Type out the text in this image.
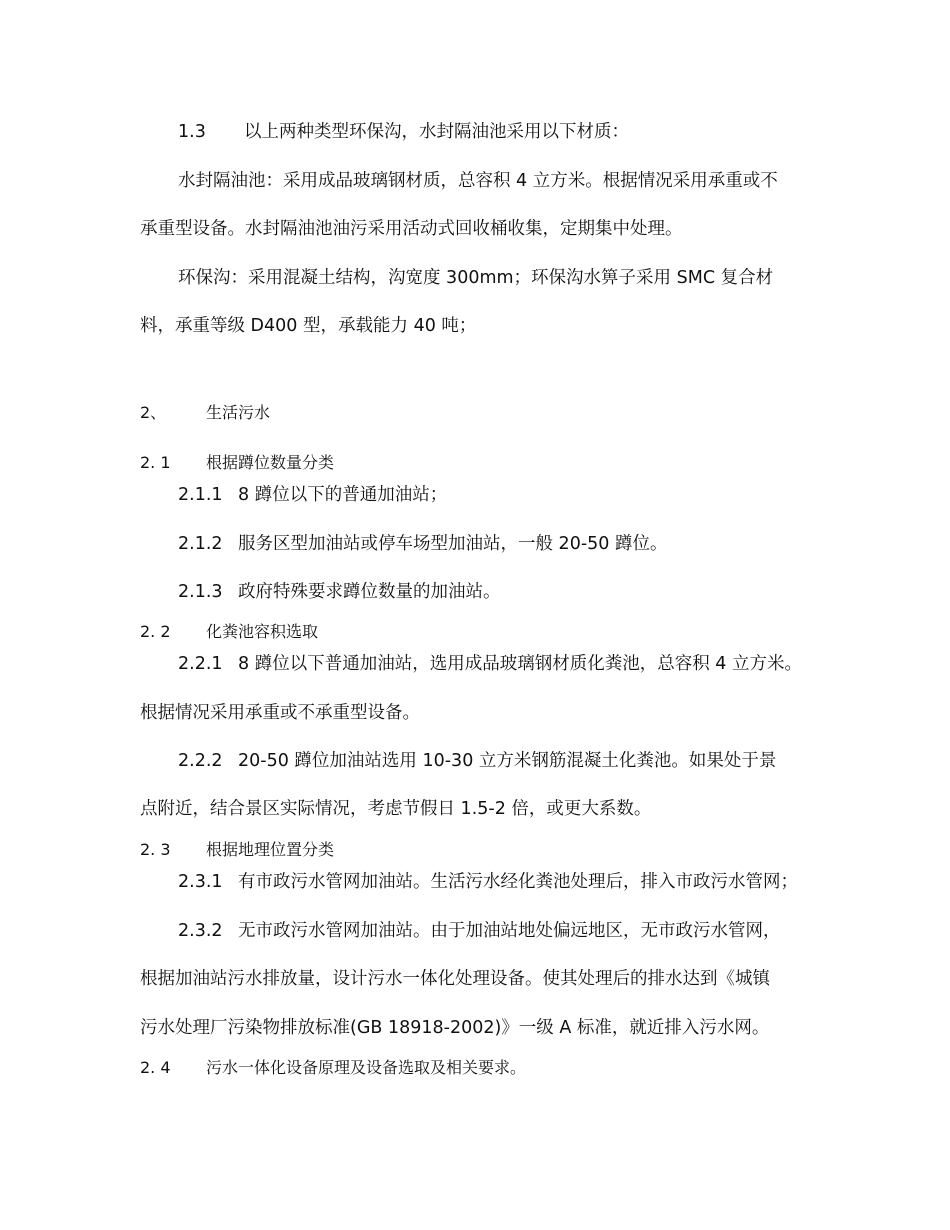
1.3 以上两种类型环保沟，水封隔油池采用以下材质：
水封隔油池：采用成品玻璃钢材质，总容积 4 立方米。根据情况采用承重或不
承重型设备。水封隔油池油污采用活动式回收桶收集，定期集中处理。
环保沟：采用混凝土结构，沟宽度 300mm；环保沟水箅子采用 SMC 复合材
料，承重等级 D400 型，承载能力 40 吨；
2、 生活污水
2. 1 根据蹲位数量分类
2.1.1 8 蹲位以下的普通加油站；
2.1.2 服务区型加油站或停车场型加油站，一般 20-50 蹲位。
2.1.3 政府特殊要求蹲位数量的加油站。
2. 2 化粪池容积选取
2.2.1 8 蹲位以下普通加油站，选用成品玻璃钢材质化粪池，总容积 4 立方米。
根据情况采用承重或不承重型设备。
2.2.2 20-50 蹲位加油站选用 10-30 立方米钢筋混凝土化粪池。如果处于景
点附近，结合景区实际情况，考虑节假日 1.5-2 倍，或更大系数。
2. 3 根据地理位置分类
2.3.1 有市政污水管网加油站。生活污水经化粪池处理后，排入市政污水管网；
2.3.2 无市政污水管网加油站。由于加油站地处偏远地区，无市政污水管网，
根据加油站污水排放量，设计污水一体化处理设备。使其处理后的排水达到《城镇
污水处理厂污染物排放标准(GB 18918-2002)》一级 A 标准，就近排入污水网。
2. 4 污水一体化设备原理及设备选取及相关要求。
